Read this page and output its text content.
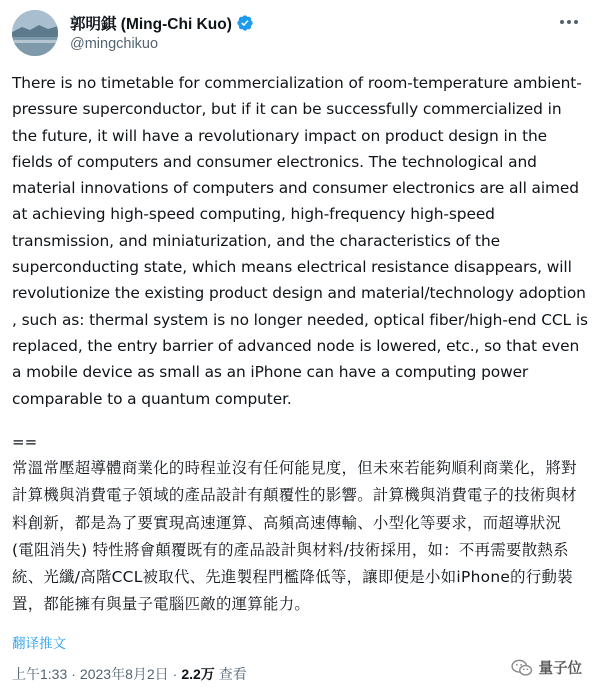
郭明錤 (Ming-Chi Kuo)
@mingchikuo
There is no timetable for commercialization of room-temperature ambient-pressure superconductor, but if it can be successfully commercialized in the future, it will have a revolutionary impact on product design in the fields of computers and consumer electronics. The technological and material innovations of computers and consumer electronics are all aimed at achieving high-speed computing, high-frequency high-speed transmission, and miniaturization, and the characteristics of the superconducting state, which means electrical resistance disappears, will revolutionize the existing product design and material/technology adoption , such as: thermal system is no longer needed, optical fiber/high-end CCL is replaced, the entry barrier of advanced node is lowered, etc., so that even a mobile device as small as an iPhone can have a computing power comparable to a quantum computer.
==
常溫常壓超導體商業化的時程並沒有任何能見度，但未來若能夠順利商業化，將對計算機與消費電子領域的產品設計有顛覆性的影響。計算機與消費電子的技術與材料創新，都是為了要實現高速運算、高頻高速傳輸、小型化等要求，而超導狀況 (電阻消失) 特性將會顛覆既有的產品設計與材料/技術採用，如：不再需要散熱系統、光纖/高階CCL被取代、先進製程門檻降低等，讓即便是小如iPhone的行動裝置，都能擁有與量子電腦匹敵的運算能力。
翻译推文
上午1:33 · 2023年8月2日 · 2.2万 查看	量子位
